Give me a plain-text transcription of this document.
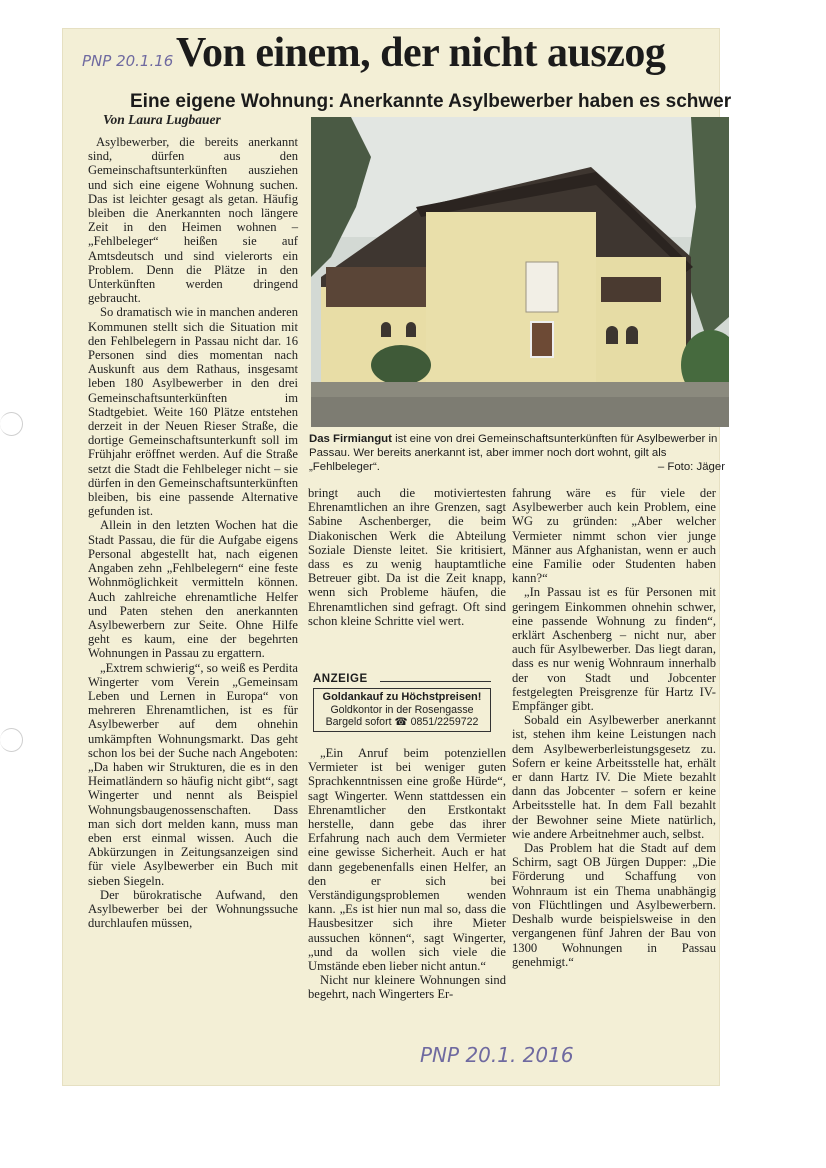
PNP 20.1.16
PNP 20.1. 2016
Von einem, der nicht auszog
Eine eigene Wohnung: Anerkannte Asylbewerber haben es schwer
Von Laura Lugbauer

Asylbewerber, die bereits anerkannt sind, dürfen aus den Gemeinschaftsunterkünften ausziehen und sich eine eigene Wohnung suchen. Das ist leichter gesagt als getan. Häufig bleiben die Anerkannten noch längere Zeit in den Heimen wohnen – „Fehlbeleger“ heißen sie auf Amtsdeutsch und sind vielerorts ein Problem. Denn die Plätze in den Unterkünften werden dringend gebraucht.

So dramatisch wie in manchen anderen Kommunen stellt sich die Situation mit den Fehlbelegern in Passau nicht dar. 16 Personen sind dies momentan nach Auskunft aus dem Rathaus, insgesamt leben 180 Asylbewerber in den drei Gemeinschaftsunterkünften im Stadtgebiet. Weite 160 Plätze entstehen derzeit in der Neuen Rieser Straße, die dortige Gemeinschaftsunterkunft soll im Frühjahr eröffnet werden. Auf die Straße setzt die Stadt die Fehlbeleger nicht – sie dürfen in den Gemeinschaftsunterkünften bleiben, bis eine passende Alternative gefunden ist.

Allein in den letzten Wochen hat die Stadt Passau, die für die Aufgabe eigens Personal abgestellt hat, nach eigenen Angaben zehn „Fehlbelegern“ eine feste Wohnmöglichkeit vermitteln können. Auch zahlreiche ehrenamtliche Helfer und Paten stehen den anerkannten Asylbewerbern zur Seite. Ohne Hilfe geht es kaum, eine der begehrten Wohnungen in Passau zu ergattern.

„Extrem schwierig“, so weiß es Perdita Wingerter vom Verein „Gemeinsam Leben und Lernen in Europa“ von mehreren Ehrenamtlichen, ist es für Asylbewerber auf dem ohnehin umkämpften Wohnungsmarkt. Das geht schon los bei der Suche nach Angeboten: „Da haben wir Strukturen, die es in den Heimatländern so häufig nicht gibt“, sagt Wingerter und nennt als Beispiel Wohnungsbaugenossenschaften. Dass man sich dort melden kann, muss man eben erst einmal wissen. Auch die Abkürzungen in Zeitungsanzeigen sind für viele Asylbewerber ein Buch mit sieben Siegeln.

Der bürokratische Aufwand, den Asylbewerber bei der Wohnungssuche durchlaufen müssen,

Das Firmiangut ist eine von drei Gemeinschaftsunterkünften für Asylbewerber in Passau. Wer bereits anerkannt ist, aber immer noch dort wohnt, gilt als „Fehlbeleger“.	– Foto: Jäger

bringt auch die motiviertesten Ehrenamtlichen an ihre Grenzen, sagt Sabine Aschenberger, die beim Diakonischen Werk die Abteilung Soziale Dienste leitet. Sie kritisiert, dass es zu wenig hauptamtliche Betreuer gibt. Da ist die Zeit knapp, wenn sich Probleme häufen, die Ehrenamtlichen sind gefragt. Oft sind schon kleine Schritte viel wert.

ANZEIGE
Goldankauf zu Höchstpreisen!
Goldkontor in der Rosengasse
Bargeld sofort ☎ 0851/2259722

„Ein Anruf beim potenziellen Vermieter ist bei weniger guten Sprachkenntnissen eine große Hürde“, sagt Wingerter. Wenn stattdessen ein Ehrenamtlicher den Erstkontakt herstelle, dann gebe das ihrer Erfahrung nach auch dem Vermieter eine gewisse Sicherheit. Auch er hat dann gegebenenfalls einen Helfer, an den er sich bei Verständigungsproblemen wenden kann. „Es ist hier nun mal so, dass die Hausbesitzer sich ihre Mieter aussuchen können“, sagt Wingerter, „und da wollen sich viele die Umstände eben lieber nicht antun.“

Nicht nur kleinere Wohnungen sind begehrt, nach Wingerters Er-

fahrung wäre es für viele der Asylbewerber auch kein Problem, eine WG zu gründen: „Aber welcher Vermieter nimmt schon vier junge Männer aus Afghanistan, wenn er auch eine Familie oder Studenten haben kann?“

„In Passau ist es für Personen mit geringem Einkommen ohnehin schwer, eine passende Wohnung zu finden“, erklärt Aschenberg – nicht nur, aber auch für Asylbewerber. Das liegt daran, dass es nur wenig Wohnraum innerhalb der von Stadt und Jobcenter festgelegten Preisgrenze für Hartz IV-Empfänger gibt.

Sobald ein Asylbewerber anerkannt ist, stehen ihm keine Leistungen nach dem Asylbewerberleistungsgesetz zu. Sofern er keine Arbeitsstelle hat, erhält er dann Hartz IV. Die Miete bezahlt dann das Jobcenter – sofern er keine Arbeitsstelle hat. In dem Fall bezahlt der Bewohner seine Miete natürlich, wie andere Arbeitnehmer auch, selbst.

Das Problem hat die Stadt auf dem Schirm, sagt OB Jürgen Dupper: „Die Förderung und Schaffung von Wohnraum ist ein Thema unabhängig von Flüchtlingen und Asylbewerbern. Deshalb wurde beispielsweise in den vergangenen fünf Jahren der Bau von 1300 Wohnungen in Passau genehmigt.“
